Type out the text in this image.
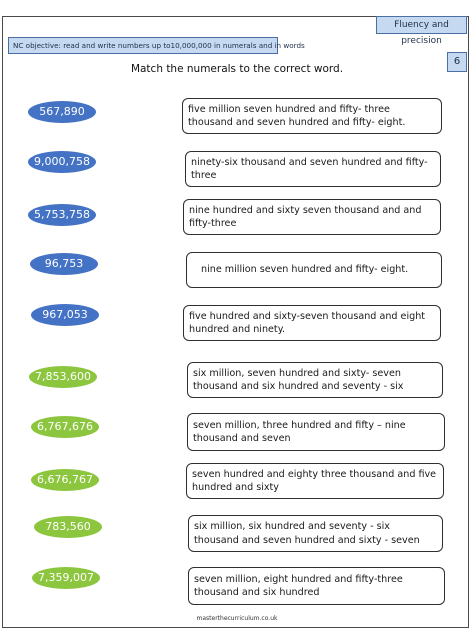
Fluency and precision
NC objective: read and write numbers up to10,000,000 in numerals and in words
6
Match the numerals to the correct word.
567,890
9,000,758
5,753,758
96,753
967,053
7,853,600
6,767,676
6,676,767
783,560
7,359,007
five million seven hundred and fifty- three thousand and seven hundred and fifty- eight.
ninety-six thousand and seven hundred and fifty-three
nine hundred and sixty seven thousand and and fifty-three
nine million seven hundred and fifty- eight.
five hundred and sixty-seven thousand and eight hundred and ninety.
six million, seven hundred and sixty- seven thousand and six hundred and seventy - six
seven million, three hundred and fifty – nine thousand and seven
seven hundred and eighty three thousand and five hundred and sixty
six million, six hundred and seventy - six thousand and seven hundred and sixty - seven
seven million, eight hundred and fifty-three thousand and six hundred
masterthecurriculum.co.uk
